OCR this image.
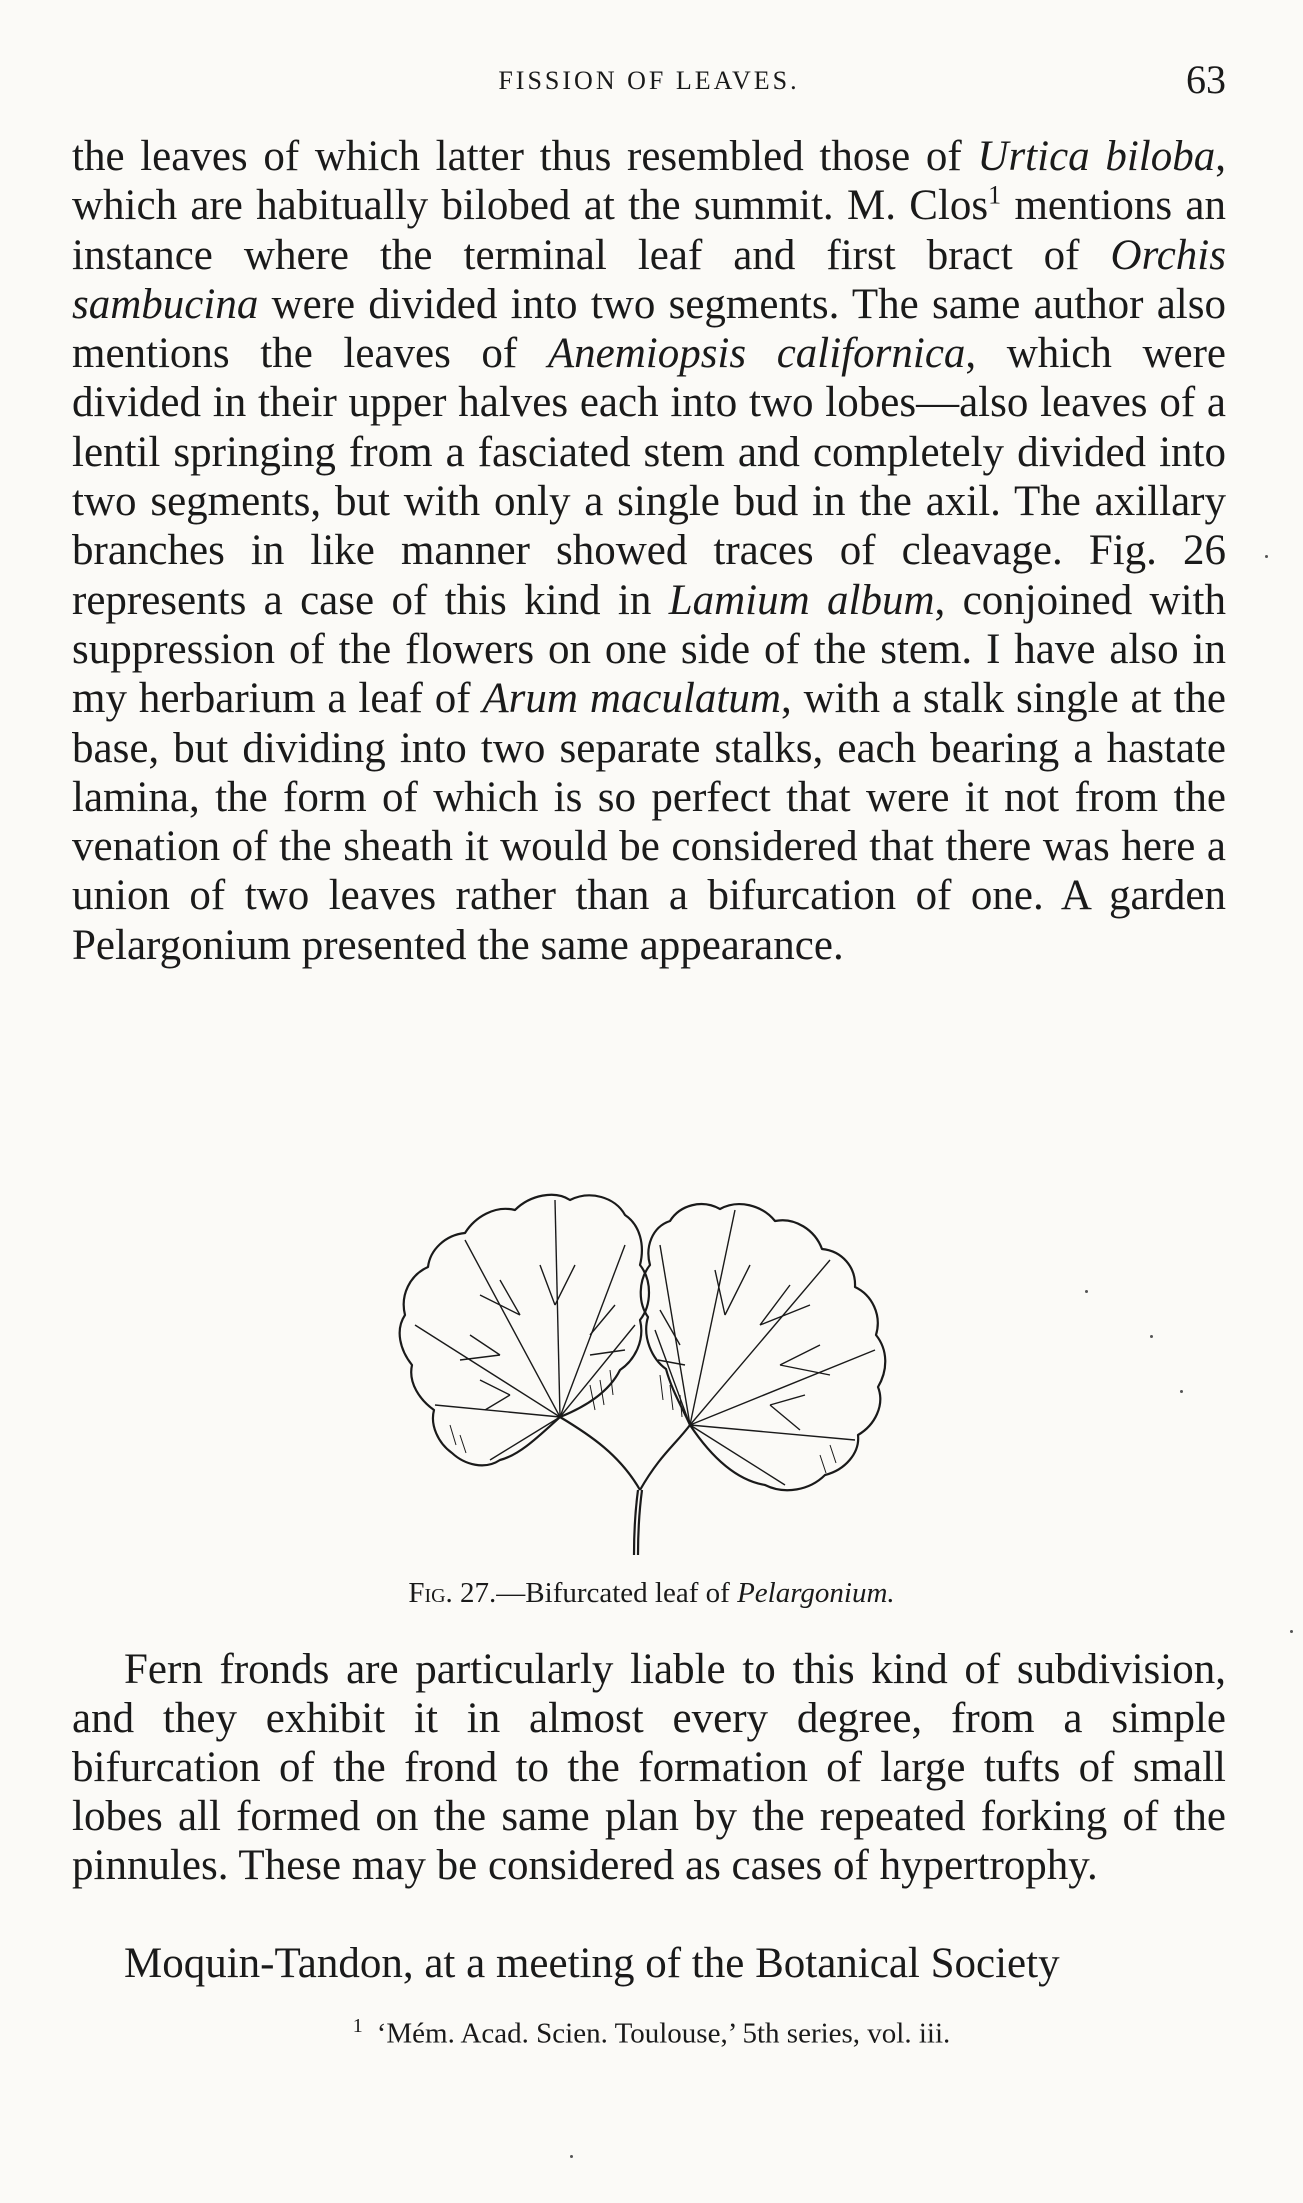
FISSION OF LEAVES.	63

the leaves of which latter thus resembled those of Urtica biloba, which are habitually bilobed at the summit. M. Clos$^1$ mentions an instance where the terminal leaf and first bract of Orchis sambucina were divided into two segments. The same author also mentions the leaves of Anemiopsis californica, which were divided in their upper halves each into two lobes—also leaves of a lentil springing from a fasciated stem and completely divided into two segments, but with only a single bud in the axil. The axillary branches in like manner showed traces of cleavage. Fig. 26 represents a case of this kind in Lamium album, conjoined with suppression of the flowers on one side of the stem. I have also in my herbarium a leaf of Arum maculatum, with a stalk single at the base, but dividing into two separate stalks, each bearing a hastate lamina, the form of which is so perfect that were it not from the venation of the sheath it would be considered that there was here a union of two leaves rather than a bifurcation of one. A garden Pelargonium presented the same appearance.

Fig. 27.—Bifurcated leaf of Pelargonium.

Fern fronds are particularly liable to this kind of subdivision, and they exhibit it in almost every degree, from a simple bifurcation of the frond to the formation of large tufts of small lobes all formed on the same plan by the repeated forking of the pinnules. These may be considered as cases of hypertrophy.

Moquin-Tandon, at a meeting of the Botanical Society

$^1$ ‘Mém. Acad. Scien. Toulouse,’ 5th series, vol. iii.
